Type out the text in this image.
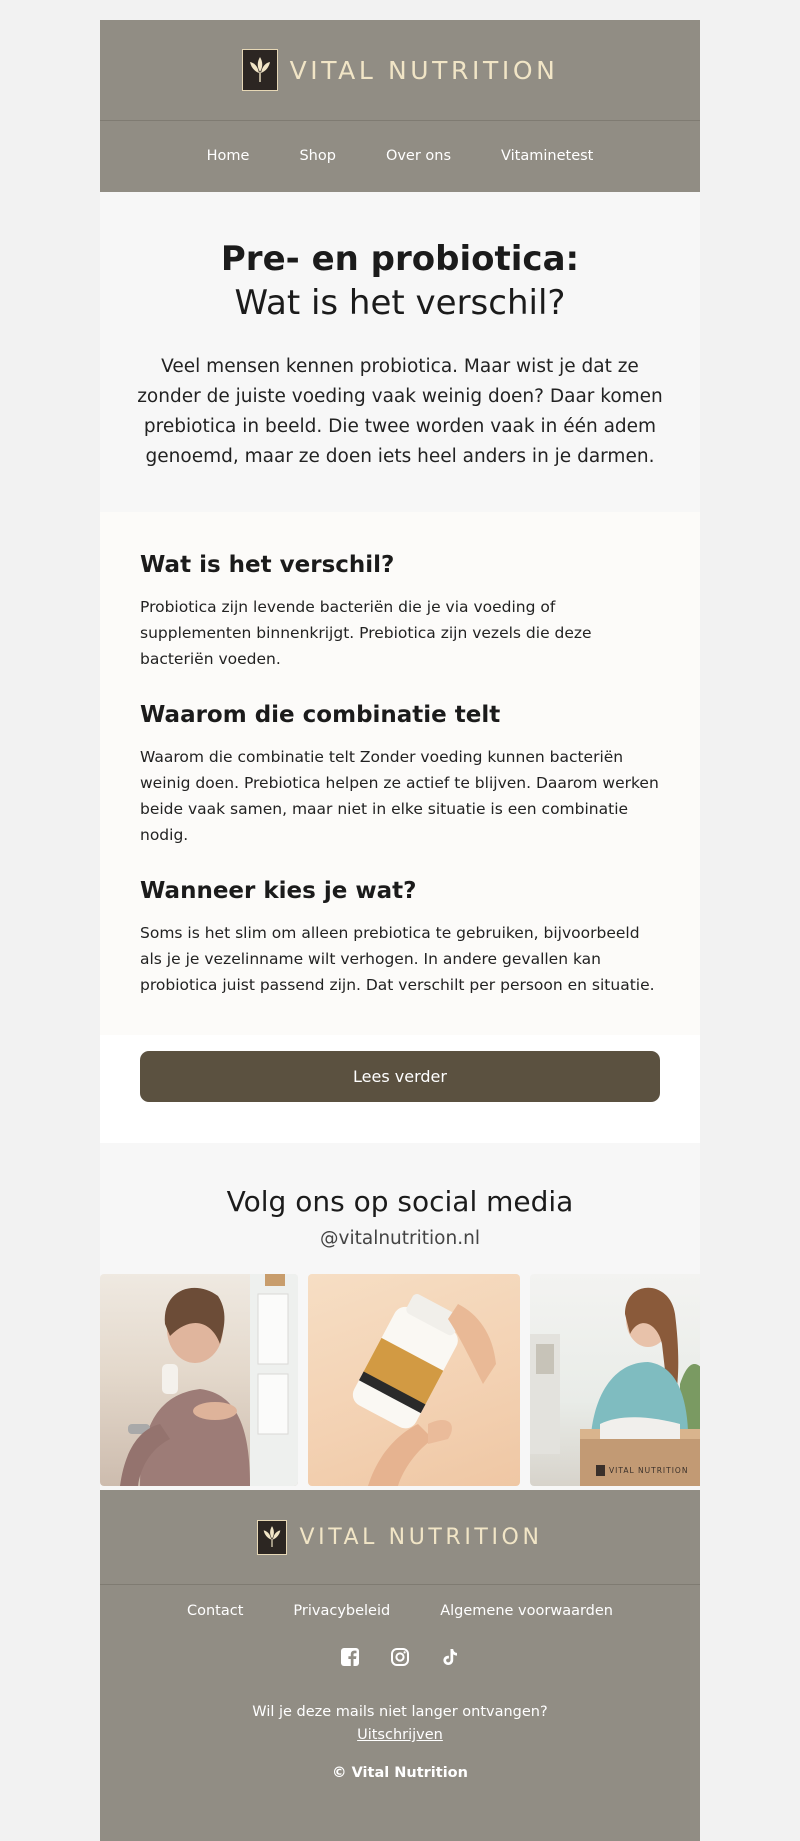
VITAL NUTRITION
Home	Shop	Over ons	Vitaminetest
Pre- en probiotica:
Wat is het verschil?

Veel mensen kennen probiotica. Maar wist je dat ze zonder de juiste voeding vaak weinig doen? Daar komen prebiotica in beeld. Die twee worden vaak in één adem genoemd, maar ze doen iets heel anders in je darmen.

Wat is het verschil?

Probiotica zijn levende bacteriën die je via voeding of supplementen binnenkrijgt. Prebiotica zijn vezels die deze bacteriën voeden.

Waarom die combinatie telt

Waarom die combinatie telt Zonder voeding kunnen bacteriën weinig doen. Prebiotica helpen ze actief te blijven. Daarom werken beide vaak samen, maar niet in elke situatie is een combinatie nodig.

Wanneer kies je wat?

Soms is het slim om alleen prebiotica te gebruiken, bijvoorbeeld als je je vezelinname wilt verhogen. In andere gevallen kan probiotica juist passend zijn. Dat verschilt per persoon en situatie.

Lees verder
Volg ons op social media
@vitalnutrition.nl
VITAL NUTRITION
VITAL NUTRITION
Contact	Privacybeleid	Algemene voorwaarden
Wil je deze mails niet langer ontvangen?
Uitschrijven
© Vital Nutrition
